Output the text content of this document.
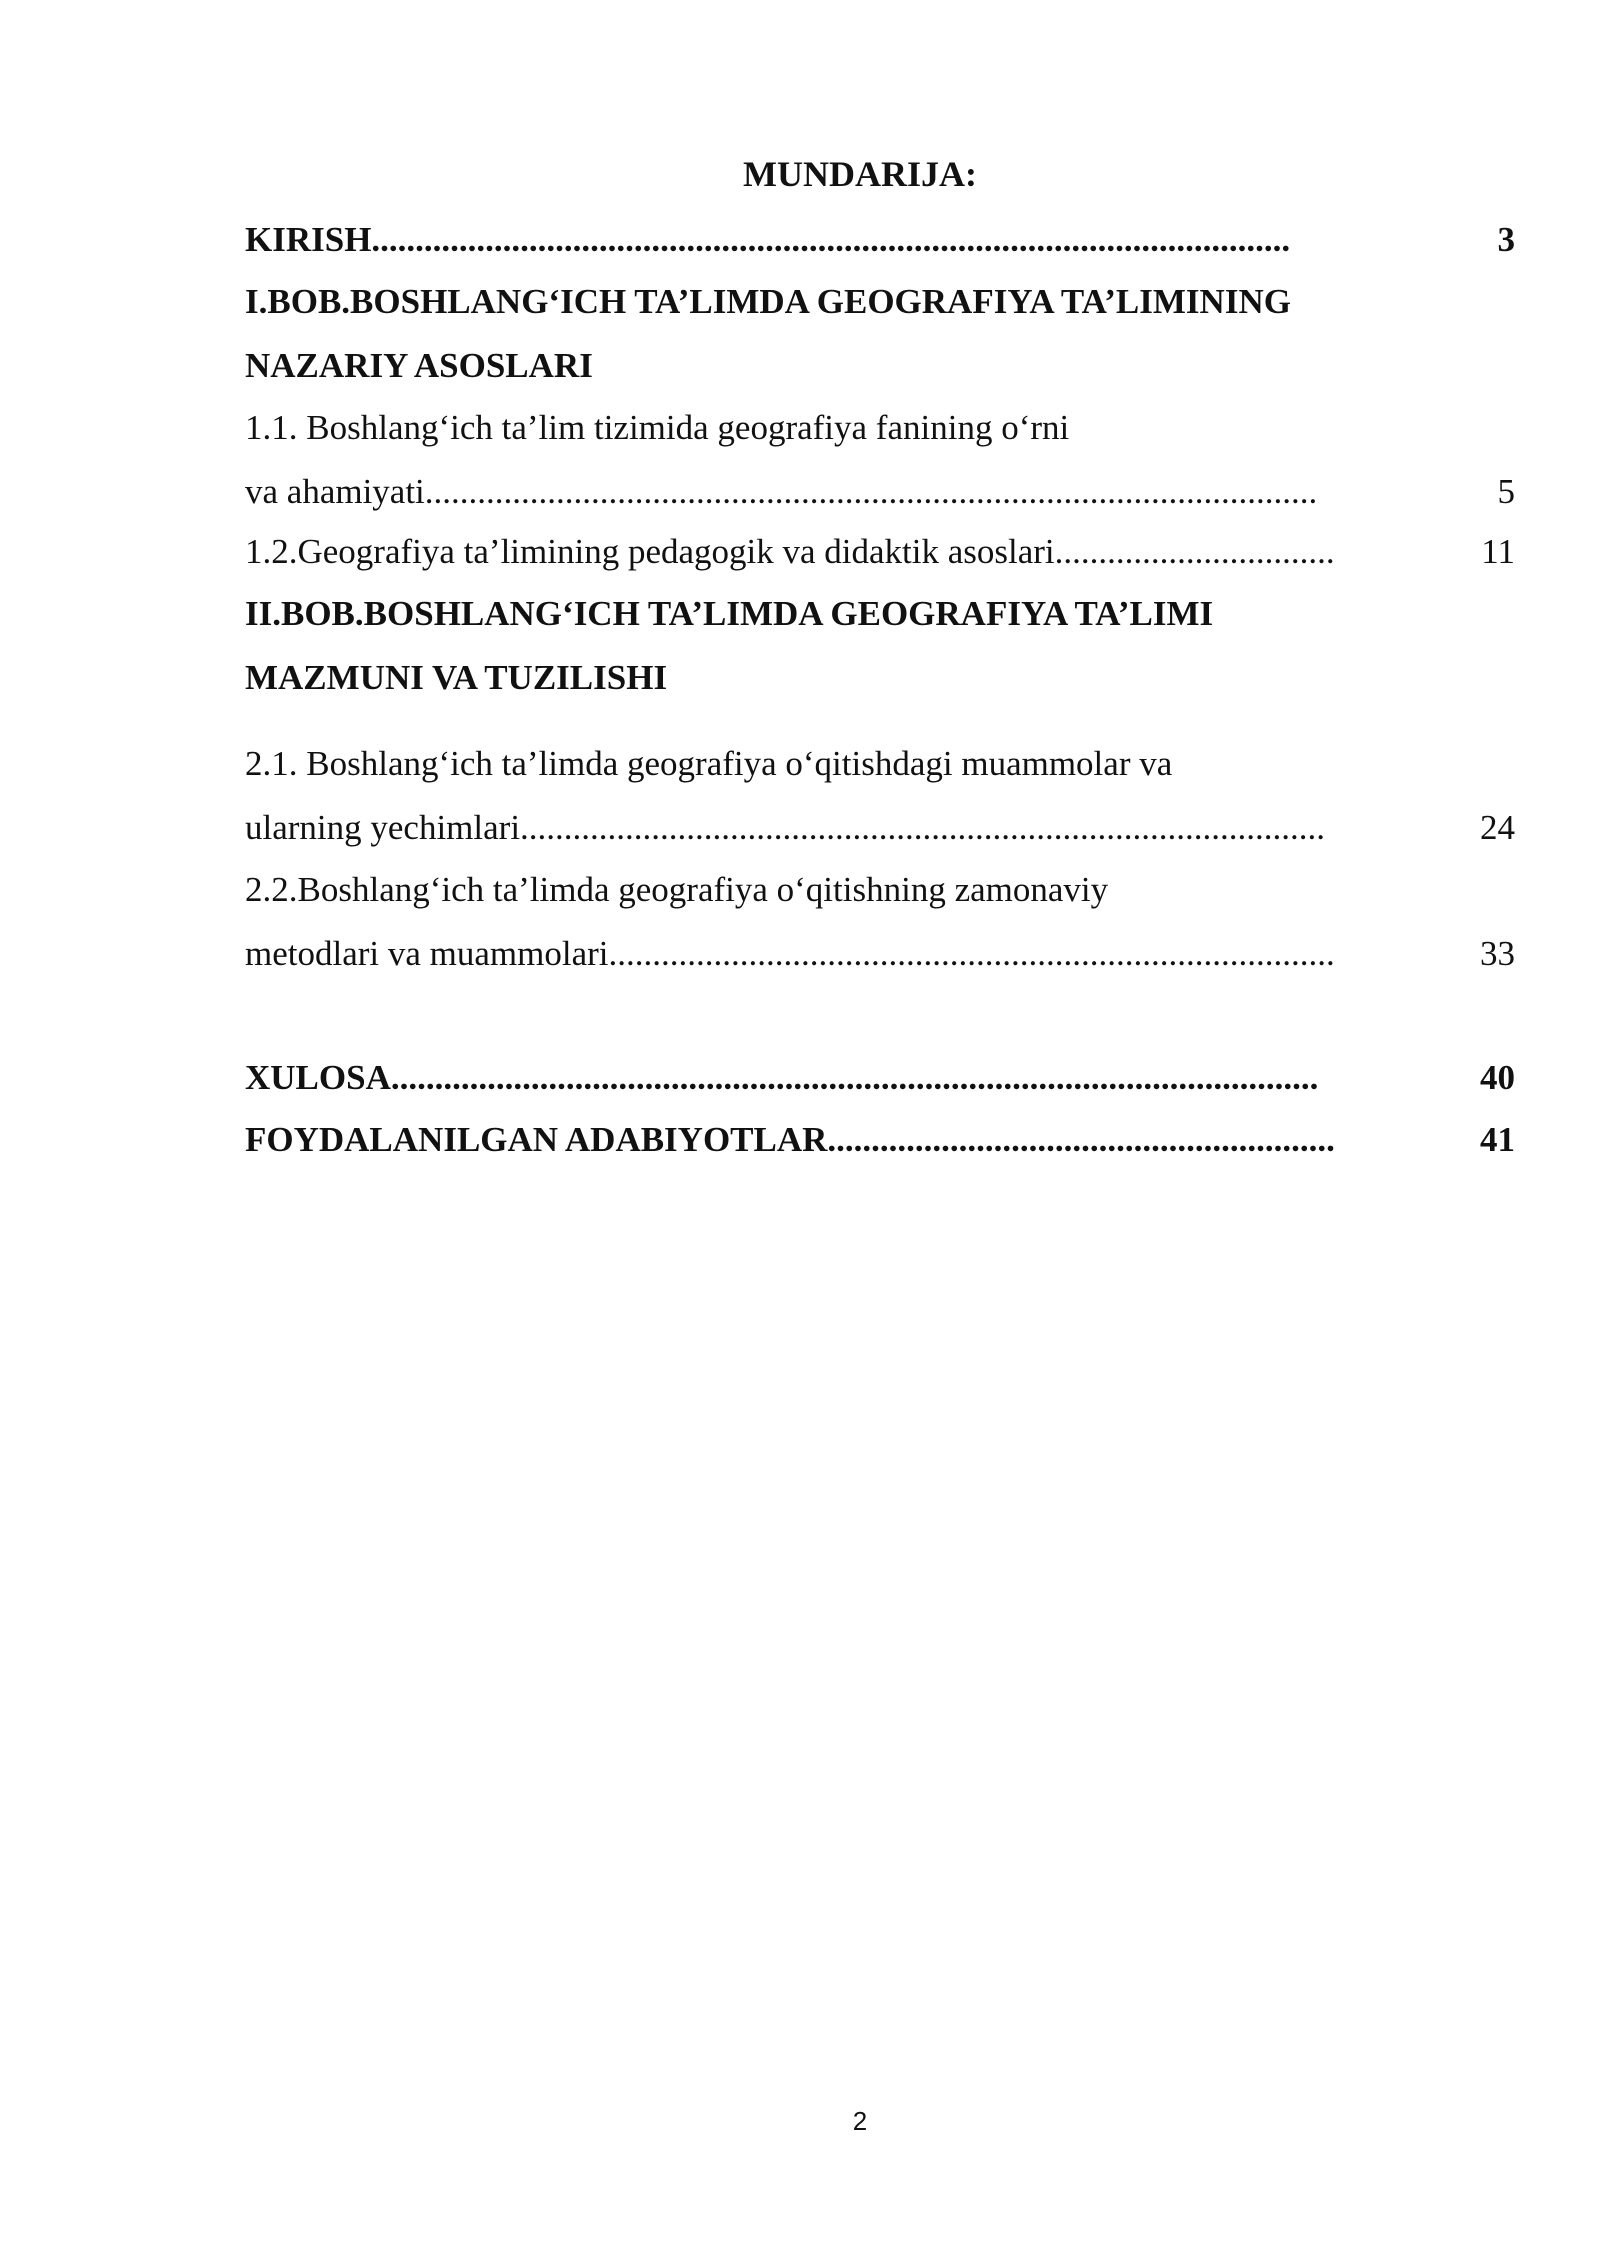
MUNDARIJA:
KIRISH.........................................................................................................	3
I.BOB.BOSHLANG‘ICH TA’LIMDA GEOGRAFIYA TA’LIMINING
NAZARIY ASOSLARI
1.1. Boshlang‘ich ta’lim tizimida geografiya fanining o‘rni
va ahamiyati......................................................................................................	5
1.2.Geografiya ta’limining pedagogik va didaktik asoslari................................	11
II.BOB.BOSHLANG‘ICH TA’LIMDA GEOGRAFIYA TA’LIMI
MAZMUNI VA TUZILISHI
2.1. Boshlang‘ich ta’limda geografiya o‘qitishdagi muammolar va
ularning yechimlari............................................................................................	24
2.2.Boshlang‘ich ta’limda geografiya o‘qitishning zamonaviy
metodlari va muammolari...................................................................................	33
XULOSA..........................................................................................................	40
FOYDALANILGAN ADABIYOTLAR..........................................................	41
2
